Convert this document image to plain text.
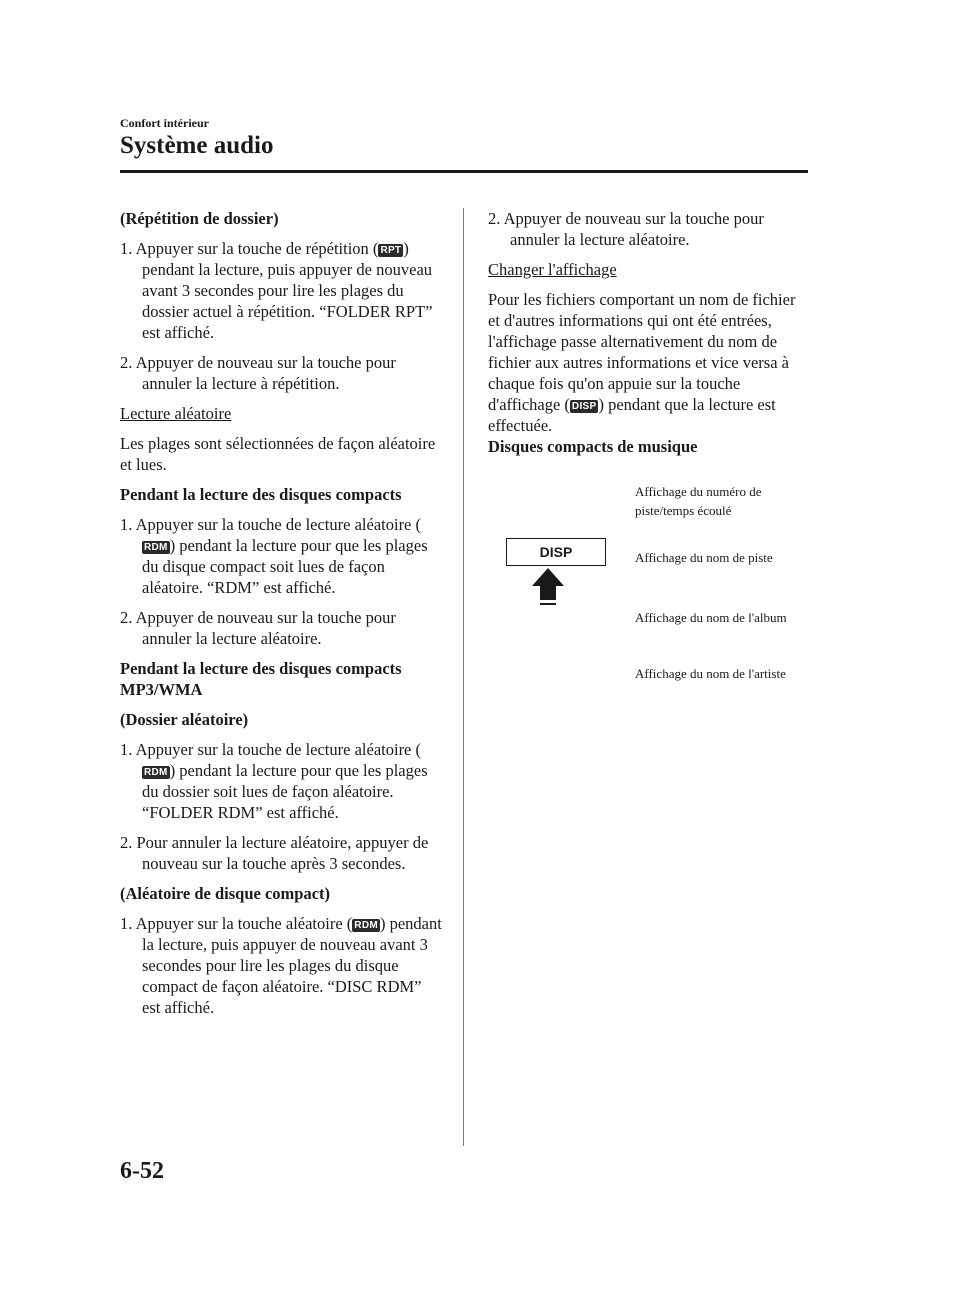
Confort intérieur

Système audio

(Répétition de dossier)

1. Appuyer sur la touche de répétition ( RPT ) pendant la lecture, puis appuyer de nouveau avant 3 secondes pour lire les plages du dossier actuel à répétition. “FOLDER RPT” est affiché.

2. Appuyer de nouveau sur la touche pour annuler la lecture à répétition.

Lecture aléatoire

Les plages sont sélectionnées de façon aléatoire et lues.

Pendant la lecture des disques compacts

1. Appuyer sur la touche de lecture aléatoire (RDM ) pendant la lecture pour que les plages du disque compact soit lues de façon aléatoire. “RDM” est affiché.

2. Appuyer de nouveau sur la touche pour annuler la lecture aléatoire.

Pendant la lecture des disques compacts MP3/WMA

(Dossier aléatoire)

1. Appuyer sur la touche de lecture aléatoire (RDM ) pendant la lecture pour que les plages du dossier soit lues de façon aléatoire. “FOLDER RDM” est affiché.

2. Pour annuler la lecture aléatoire, appuyer de nouveau sur la touche après 3 secondes.

(Aléatoire de disque compact)

1. Appuyer sur la touche aléatoire ( RDM ) pendant la lecture, puis appuyer de nouveau avant 3 secondes pour lire les plages du disque compact de façon aléatoire. “DISC RDM” est affiché.

2. Appuyer de nouveau sur la touche pour annuler la lecture aléatoire.

Changer l'affichage

Pour les fichiers comportant un nom de fichier et d'autres informations qui ont été entrées, l'affichage passe alternativement du nom de fichier aux autres informations et vice versa à chaque fois qu'on appuie sur la touche d'affichage ( DISP ) pendant que la lecture est effectuée.

Disques compacts de musique

DISP
Affichage du numéro de piste/temps écoulé
Affichage du nom de piste
Affichage du nom de l'album
Affichage du nom de l'artiste
6-52
